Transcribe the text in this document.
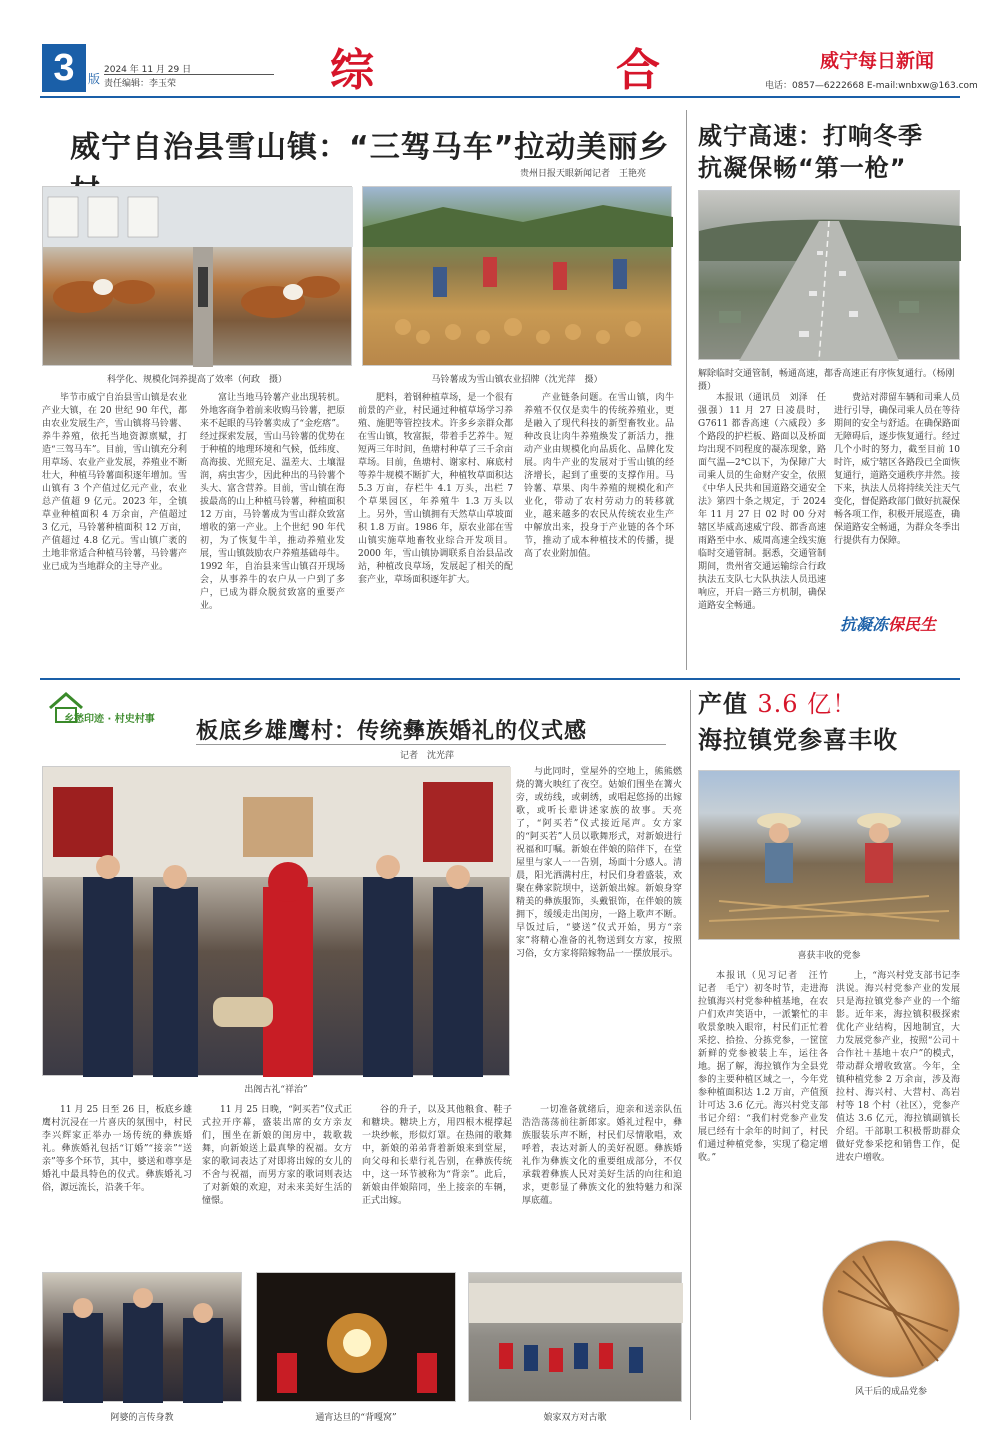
3	版
2024 年 11 月 29 日
责任编辑：李玉荣	综	合	威宁每日新闻
电话：0857—6222668 E-mail:wnbxw@163.com
威宁自治县雪山镇：“三驾马车”拉动美丽乡
贵州日报天眼新闻记者　王艳亮
科学化、规模化饲养提高了效率（何政　摄）	马铃薯成为雪山镇农业招牌（沈光萍　摄）

毕节市威宁自治县雪山镇是农业产业大镇，在 20 世纪 90 年代，都由农业发展生产，雪山镇将马铃薯、养牛养殖，依托当地资源禀赋，打造“三驾马车”。目前，雪山镇充分利用草场、农业产业发展，养殖业不断壮大，种植马铃薯面积逐年增加。雪山镇有 3 个产值过亿元产业，农业总产值超 9 亿元。2023 年，全镇草业种植面积 4 万余亩，产值超过 3 亿元，马铃薯种植面积 12 万亩，产值超过 4.8 亿元。雪山镇广袤的土地非常适合种植马铃薯，马铃薯产业已成为当地群众的主导产业。

富让当地马铃薯产业出现转机。外地客商争着前来收购马铃薯，把原来不起眼的马铃薯卖成了“金疙瘩”。经过探索发展，雪山马铃薯的优势在于种植的地理环境和气候，低纬度、高海拔、光照充足、温差大、土壤湿润，病虫害少，因此种出的马铃薯个头大、富含营养。目前，雪山镇在海拔最高的山上种植马铃薯，种植面积 12 万亩，马铃薯成为雪山群众致富增收的第一产业。上个世纪 90 年代初，为了恢复牛羊，推动养殖业发展，雪山镇鼓励农户养殖基础母牛。1992 年，自治县来雪山镇召开现场会，从事养牛的农户从一户到了多户，已成为群众脱贫致富的重要产业。

肥料，着钢种植草场，是一个很有前景的产业，村民通过种植草场学习养殖、施肥等管控技术。许多乡亲群众都在雪山镇，牧富振，带着手艺养牛。短短两三年时间，鱼塘村种草了三千余亩草场。目前，鱼塘村、谢家村、麻底村等养牛规模不断扩大，种植牧草面积达 5.3 万亩，存栏牛 4.1 万头，出栏 7 个草果园区，年养殖牛 1.3 万头以上。另外，雪山镇拥有天然草山草坡面积 1.8 万亩。1986 年，原农业部在雪山镇实施草地畜牧业综合开发项目。2000 年，雪山镇协调联系自治县品改站，种植改良草场，发展起了相关的配套产业，草场面积逐年扩大。

产业链条问题。在雪山镇，肉牛养殖不仅仅是卖牛的传统养殖业，更是融入了现代科技的新型畜牧业。品种改良让肉牛养殖焕发了新活力，推动产业由规模化向品质化、品牌化发展。肉牛产业的发展对于雪山镇的经济增长，起到了重要的支撑作用。马铃薯、草果、肉牛养殖的规模化和产业化，带动了农村劳动力的转移就业，越来越多的农民从传统农业生产中解放出来，投身于产业链的各个环节，推动了成本种植技术的传播，提高了农业附加值。

威宁高速：打响冬季
抗凝保畅“第一枪”
解除临时交通管制，畅通高速，都香高速正有序恢复通行。（杨刚　摄）

本报讯（通讯员　刘泽　任强强）11 月 27 日凌晨时，G7611 都香高速（六威段）多个路段的护栏板、路面以及桥面均出现不同程度的凝冻现象，路面气温—2℃以下，为保障广大司乘人员的生命财产安全，依照《中华人民共和国道路交通安全法》第四十条之规定，于 2024 年 11 月 27 日 02 时 00 分对辖区毕威高速威宁段、都香高速雨路至中水、威周高速全线实施临时交通管制。据悉，交通管制期间，贵州省交通运输综合行政执法五支队七大队执法人员迅速响应，开启一路三方机制，确保道路安全畅通。

费站对滞留车辆和司乘人员进行引导，确保司乘人员在等待期间的安全与舒适。在确保路面无障碍后，逐步恢复通行。经过几个小时的努力，截至目前 10 时许，威宁辖区各路段已全面恢复通行，道路交通秩序井然。接下来，执法人员将持续关注天气变化，督促路政部门做好抗凝保畅各项工作，积极开展巡查，确保道路安全畅通，为群众冬季出行提供有力保障。

抗凝冻保民生
乡愁印迹 · 村史村事 板底乡雄鹰村：传统彝族婚礼的仪式感
记者　沈光萍
出阁古礼“祥治”

与此同时，堂屋外的空地上，熊熊燃烧的篝火映红了夜空。姑娘们围坐在篝火旁，或纺线，或刺绣，或唱起悠扬的出嫁歌，或听长辈讲述家族的故事。天亮了，“阿买若”仪式接近尾声。女方家的“阿买若”人员以歌舞形式，对新娘进行祝福和叮嘱。新娘在伴娘的陪伴下，在堂屋里与家人一一告别，场面十分感人。清晨，阳光洒满村庄，村民们身着盛装，欢聚在彝家院坝中，送新娘出嫁。新娘身穿精美的彝族服饰，头戴银饰，在伴娘的簇拥下，缓缓走出闺房，一路上歌声不断。早饭过后，“婆送”仪式开始，男方“亲家”将精心准备的礼物送到女方家，按照习俗，女方家将陪嫁物品一一摆放展示。

11 月 25 日至 26 日，板底乡雄鹰村沉浸在一片喜庆的氛围中，村民李兴辉家正举办一场传统的彝族婚礼。彝族婚礼包括“订婚”“接亲”“送亲”等多个环节，其中，婆送和尊享是婚礼中最具特色的仪式。彝族婚礼习俗，源远流长，沿袭千年。

11 月 25 日晚，“阿买若”仪式正式拉开序幕，盛装出席的女方亲友们，围坐在新娘的闺房中，载歌载舞，向新娘送上最真挚的祝福。女方家的歌词表达了对即将出嫁的女儿的不舍与祝福，而男方家的歌词则表达了对新娘的欢迎，对未来美好生活的憧憬。

谷的升子，以及其他粮食、鞋子和糖块。糖块上方，用四根木棍撑起一块纱帐，形似灯罩。在热闹的歌舞中，新娘的弟弟背着新娘来到堂屋，向父母和长辈行礼告别，在彝族传统中，这一环节被称为“背亲”。此后，新娘由伴娘陪同，坐上接亲的车辆，正式出嫁。

一切准备就绪后，迎亲和送亲队伍浩浩荡荡前往新郎家。婚礼过程中，彝族服装乐声不断，村民们尽情歌唱，欢呼着，表达对新人的美好祝愿。彝族婚礼作为彝族文化的重要组成部分，不仅承载着彝族人民对美好生活的向往和追求，更彰显了彝族文化的独特魅力和深厚底蕴。

阿婆的言传身教	通宵达旦的“背嘎窝”	娘家双方对古歌
产值 3.6 亿！
海拉镇党参喜丰收
喜获丰收的党参

本报讯（见习记者　汪竹　记者　毛宁）初冬时节，走进海拉镇海兴村党参种植基地，在农户们欢声笑语中，一派繁忙的丰收景象映入眼帘，村民们正忙着采挖、拾捡、分拣党参，一筐筐新鲜的党参被装上车，运往各地。据了解，海拉镇作为全县党参的主要种植区域之一，今年党参种植面积达 1.2 万亩，产值预计可达 3.6 亿元。海兴村党支部书记介绍：“我们村党参产业发展已经有十余年的时间了，村民们通过种植党参，实现了稳定增收。”

上，“海兴村党支部书记李洪说。海兴村党参产业的发展只是海拉镇党参产业的一个缩影。近年来，海拉镇积极探索优化产业结构，因地制宜，大力发展党参产业，按照“公司＋合作社＋基地＋农户”的模式，带动群众增收致富。今年，全镇种植党参 2 万余亩，涉及海拉村、海兴村、大营村、高岩村等 18 个村（社区），党参产值达 3.6 亿元，海拉镇副镇长介绍。干部职工积极帮助群众做好党参采挖和销售工作，促进农户增收。

风干后的成品党参
